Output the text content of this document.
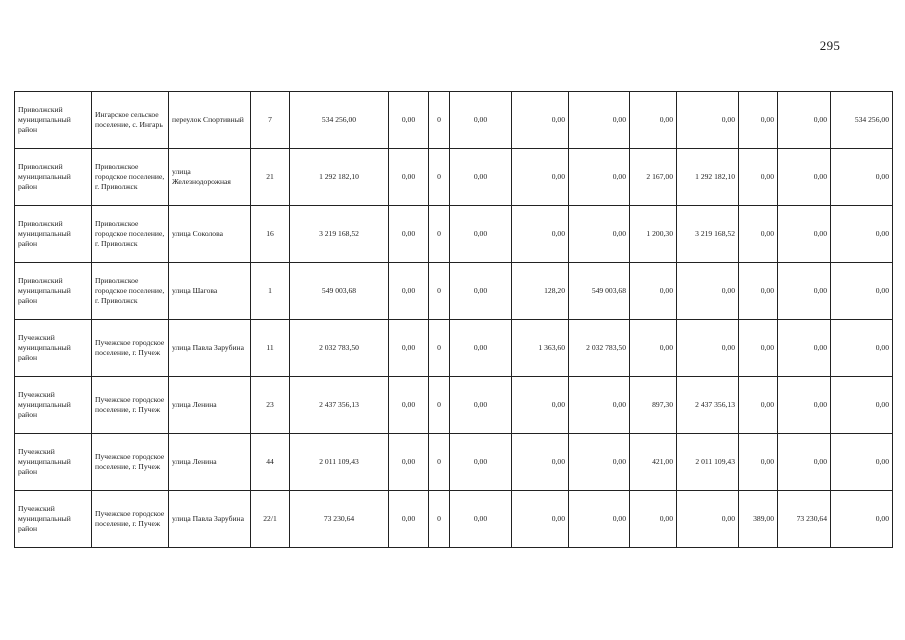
295
Приволжский муниципальный район	Ингарское сельское поселение, с. Ингарь	переулок Спортивный	7	534 256,00	0,00	0	0,00	0,00	0,00	0,00	0,00	0,00	0,00	534 256,00
Приволжский муниципальный район	Приволжское городское поселение, г. Приволжск	улица Железнодорожная	21	1 292 182,10	0,00	0	0,00	0,00	0,00	2 167,00	1 292 182,10	0,00	0,00	0,00
Приволжский муниципальный район	Приволжское городское поселение, г. Приволжск	улица Соколова	16	3 219 168,52	0,00	0	0,00	0,00	0,00	1 200,30	3 219 168,52	0,00	0,00	0,00
Приволжский муниципальный район	Приволжское городское поселение, г. Приволжск	улица Шагова	1	549 003,68	0,00	0	0,00	128,20	549 003,68	0,00	0,00	0,00	0,00	0,00
Пучежский муниципальный район	Пучежское городское поселение, г. Пучеж	улица Павла Зарубина	11	2 032 783,50	0,00	0	0,00	1 363,60	2 032 783,50	0,00	0,00	0,00	0,00	0,00
Пучежский муниципальный район	Пучежское городское поселение, г. Пучеж	улица Ленина	23	2 437 356,13	0,00	0	0,00	0,00	0,00	897,30	2 437 356,13	0,00	0,00	0,00
Пучежский муниципальный район	Пучежское городское поселение, г. Пучеж	улица Ленина	44	2 011 109,43	0,00	0	0,00	0,00	0,00	421,00	2 011 109,43	0,00	0,00	0,00
Пучежский муниципальный район	Пучежское городское поселение, г. Пучеж	улица Павла Зарубина	22/1	73 230,64	0,00	0	0,00	0,00	0,00	0,00	0,00	389,00	73 230,64	0,00
